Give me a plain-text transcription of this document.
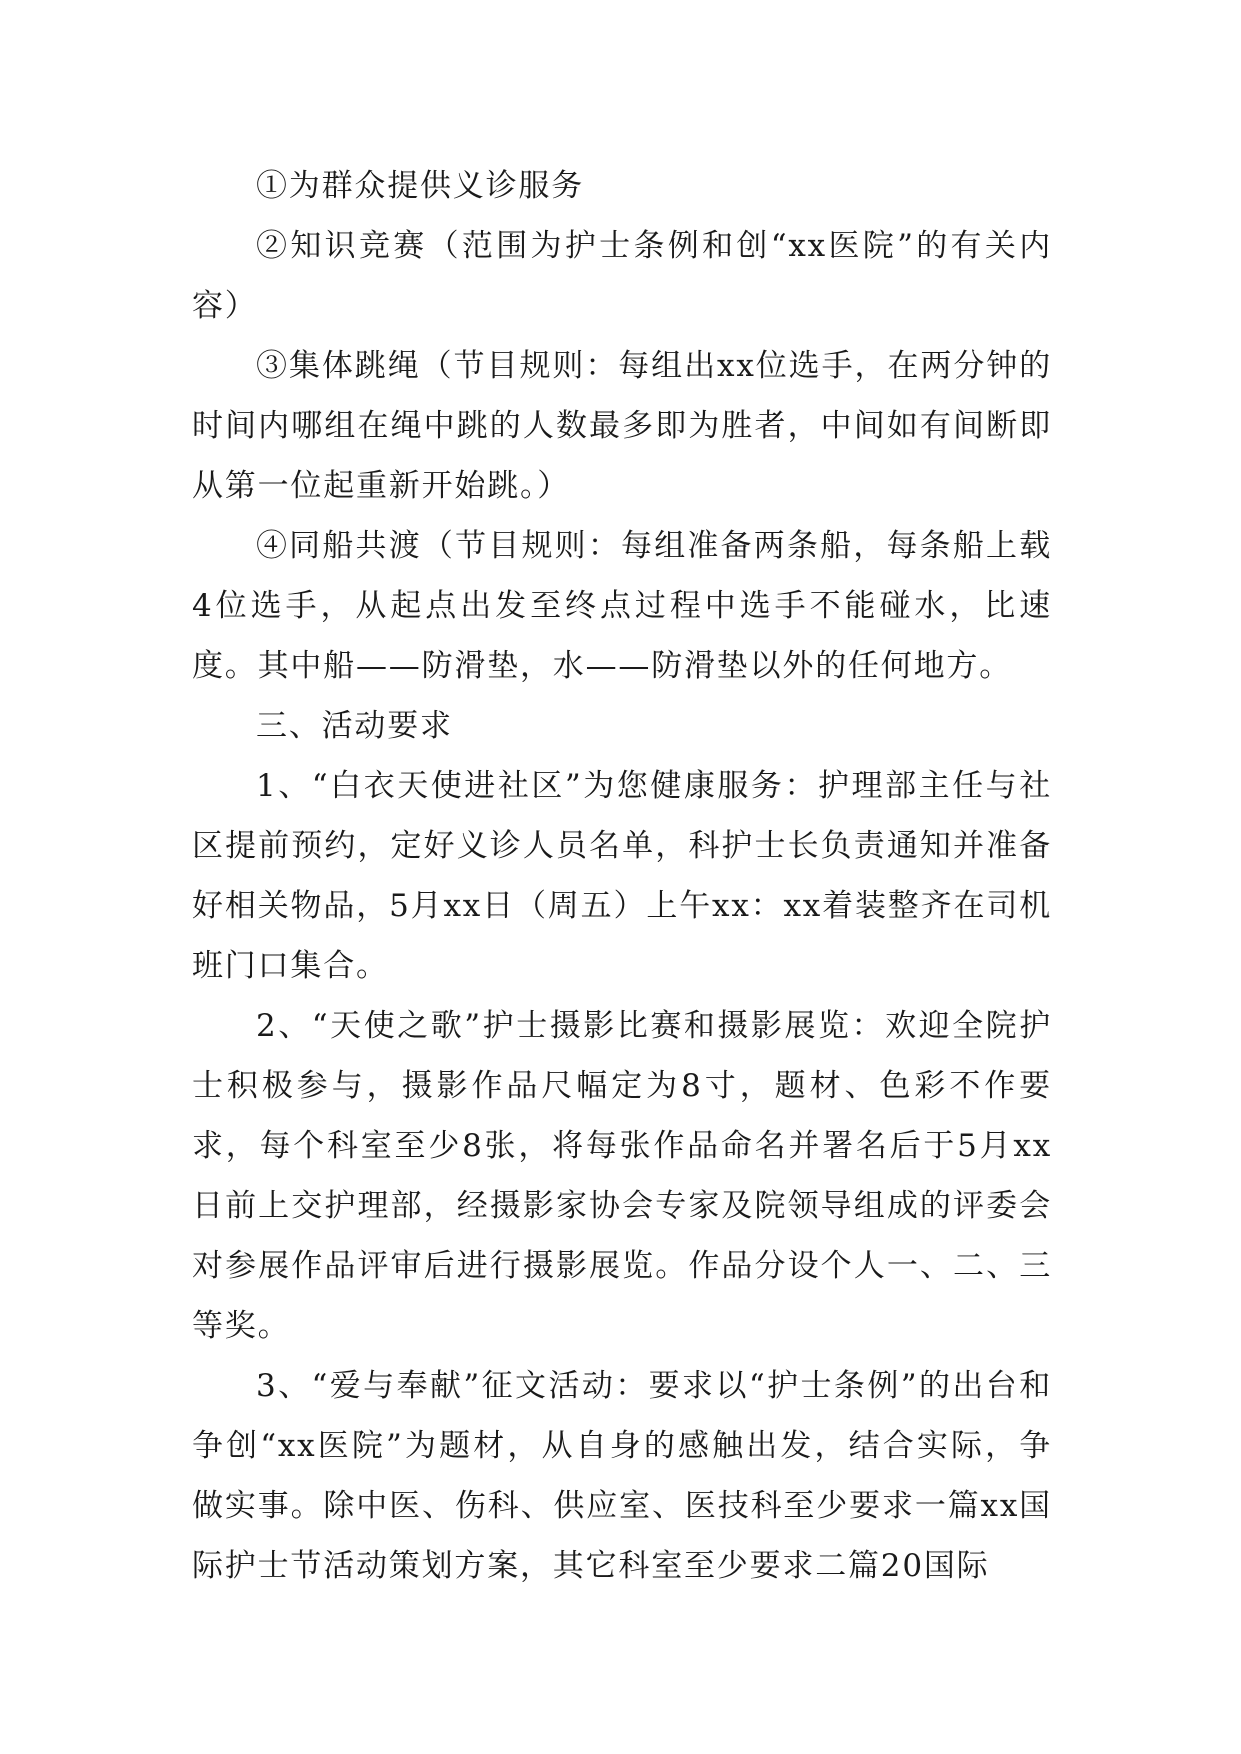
①为群众提供义诊服务

②知识竞赛（范围为护士条例和创“xx医院”的有关内容）

③集体跳绳（节目规则：每组出xx位选手，在两分钟的时间内哪组在绳中跳的人数最多即为胜者，中间如有间断即从第一位起重新开始跳。）

④同船共渡（节目规则：每组准备两条船，每条船上载4位选手，从起点出发至终点过程中选手不能碰水，比速度。其中船——防滑垫，水——防滑垫以外的任何地方。

三、活动要求

1、“白衣天使进社区”为您健康服务：护理部主任与社区提前预约，定好义诊人员名单，科护士长负责通知并准备好相关物品，5月xx日（周五）上午xx：xx着装整齐在司机班门口集合。

2、“天使之歌”护士摄影比赛和摄影展览：欢迎全院护士积极参与，摄影作品尺幅定为8寸，题材、色彩不作要求，每个科室至少8张，将每张作品命名并署名后于5月xx日前上交护理部，经摄影家协会专家及院领导组成的评委会对参展作品评审后进行摄影展览。作品分设个人一、二、三等奖。

3、“爱与奉献”征文活动：要求以“护士条例”的出台和争创“xx医院”为题材，从自身的感触出发，结合实际，争做实事。除中医、伤科、供应室、医技科至少要求一篇xx国际护士节活动策划方案，其它科室至少要求二篇20国际
